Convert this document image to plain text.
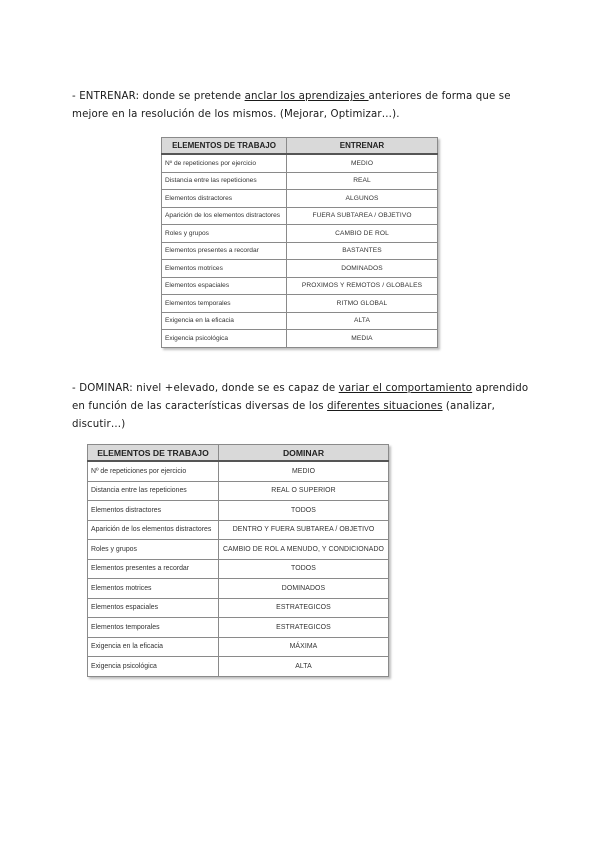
- ENTRENAR: donde se pretende anclar los aprendizajes anteriores de forma que se mejore en la resolución de los mismos. (Mejorar, Optimizar…).

ELEMENTOS DE TRABAJO	ENTRENAR
Nº de repeticiones por ejercicio	MEDIO
Distancia entre las repeticiones	REAL
Elementos distractores	ALGUNOS
Aparición de los elementos distractores	FUERA SUBTAREA / OBJETIVO
Roles y grupos	CAMBIO DE ROL
Elementos presentes a recordar	BASTANTES
Elementos motrices	DOMINADOS
Elementos espaciales	PROXIMOS Y REMOTOS / GLOBALES
Elementos temporales	RITMO GLOBAL
Exigencia en la eficacia	ALTA
Exigencia psicológica	MEDIA

- DOMINAR: nivel +elevado, donde se es capaz de variar el comportamiento aprendido en función de las características diversas de los diferentes situaciones (analizar, discutir…)

ELEMENTOS DE TRABAJO	DOMINAR
Nº de repeticiones por ejercicio	MEDIO
Distancia entre las repeticiones	REAL O SUPERIOR
Elementos distractores	TODOS
Aparición de los elementos distractores	DENTRO Y FUERA SUBTAREA / OBJETIVO
Roles y grupos	CAMBIO DE ROL A MENUDO, Y CONDICIONADO
Elementos presentes a recordar	TODOS
Elementos motrices	DOMINADOS
Elementos espaciales	ESTRATEGICOS
Elementos temporales	ESTRATEGICOS
Exigencia en la eficacia	MÁXIMA
Exigencia psicológica	ALTA
